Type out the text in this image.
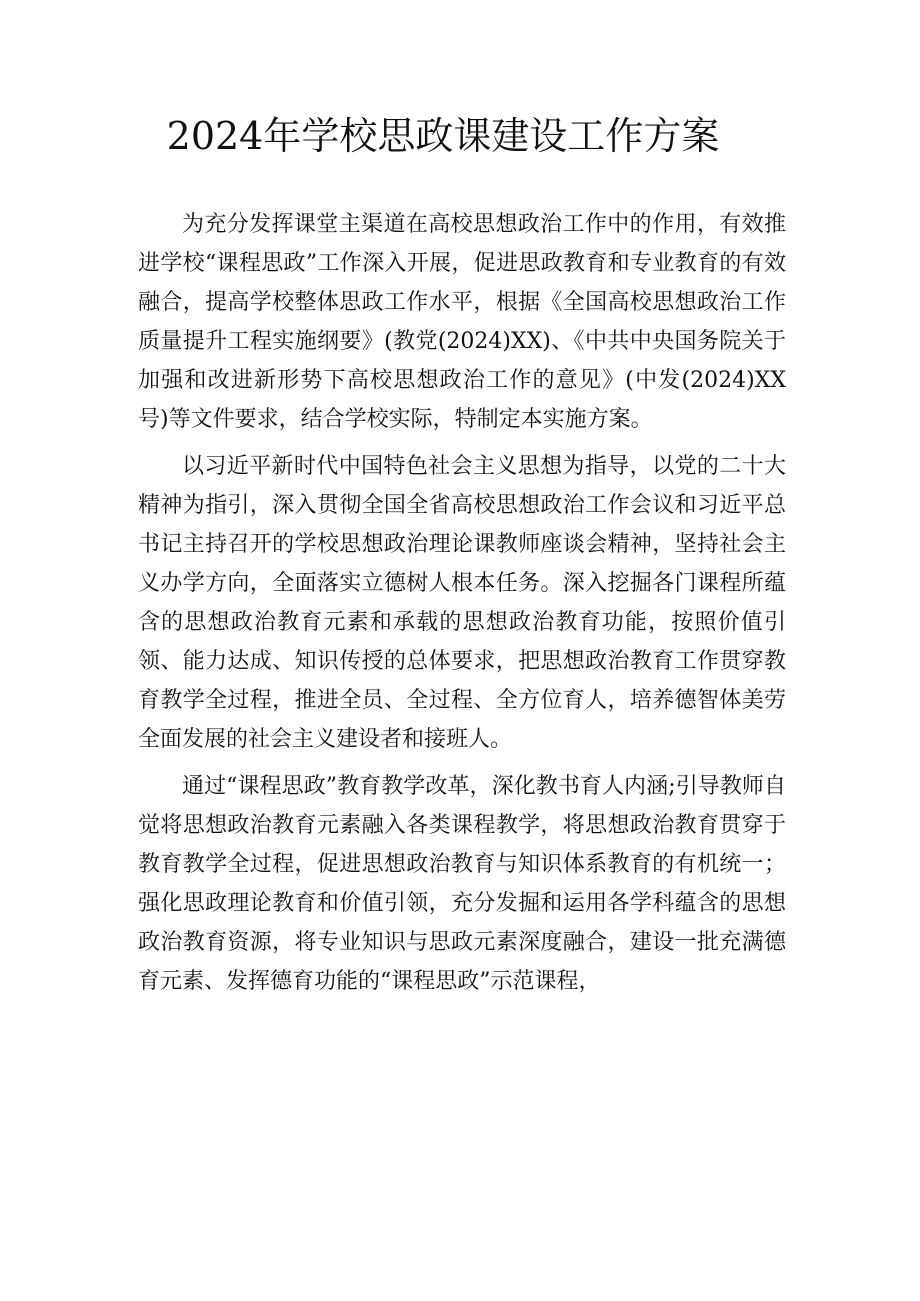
2024年学校思政课建设工作方案

为充分发挥课堂主渠道在高校思想政治工作中的作用，有效推进学校“课程思政”工作深入开展，促进思政教育和专业教育的有效融合，提高学校整体思政工作水平，根据《全国高校思想政治工作质量提升工程实施纲要》(教党(2024)XX)、《中共中央国务院关于加强和改进新形势下高校思想政治工作的意见》(中发(2024)XX号)等文件要求，结合学校实际，特制定本实施方案。

以习近平新时代中国特色社会主义思想为指导，以党的二十大精神为指引，深入贯彻全国全省高校思想政治工作会议和习近平总书记主持召开的学校思想政治理论课教师座谈会精神，坚持社会主义办学方向，全面落实立德树人根本任务。深入挖掘各门课程所蕴含的思想政治教育元素和承载的思想政治教育功能，按照价值引领、能力达成、知识传授的总体要求，把思想政治教育工作贯穿教育教学全过程，推进全员、全过程、全方位育人，培养德智体美劳全面发展的社会主义建设者和接班人。

通过“课程思政”教育教学改革，深化教书育人内涵;引导教师自觉将思想政治教育元素融入各类课程教学，将思想政治教育贯穿于教育教学全过程，促进思想政治教育与知识体系教育的有机统一；强化思政理论教育和价值引领，充分发掘和运用各学科蕴含的思想政治教育资源，将专业知识与思政元素深度融合，建设一批充满德育元素、发挥德育功能的“课程思政”示范课程，
